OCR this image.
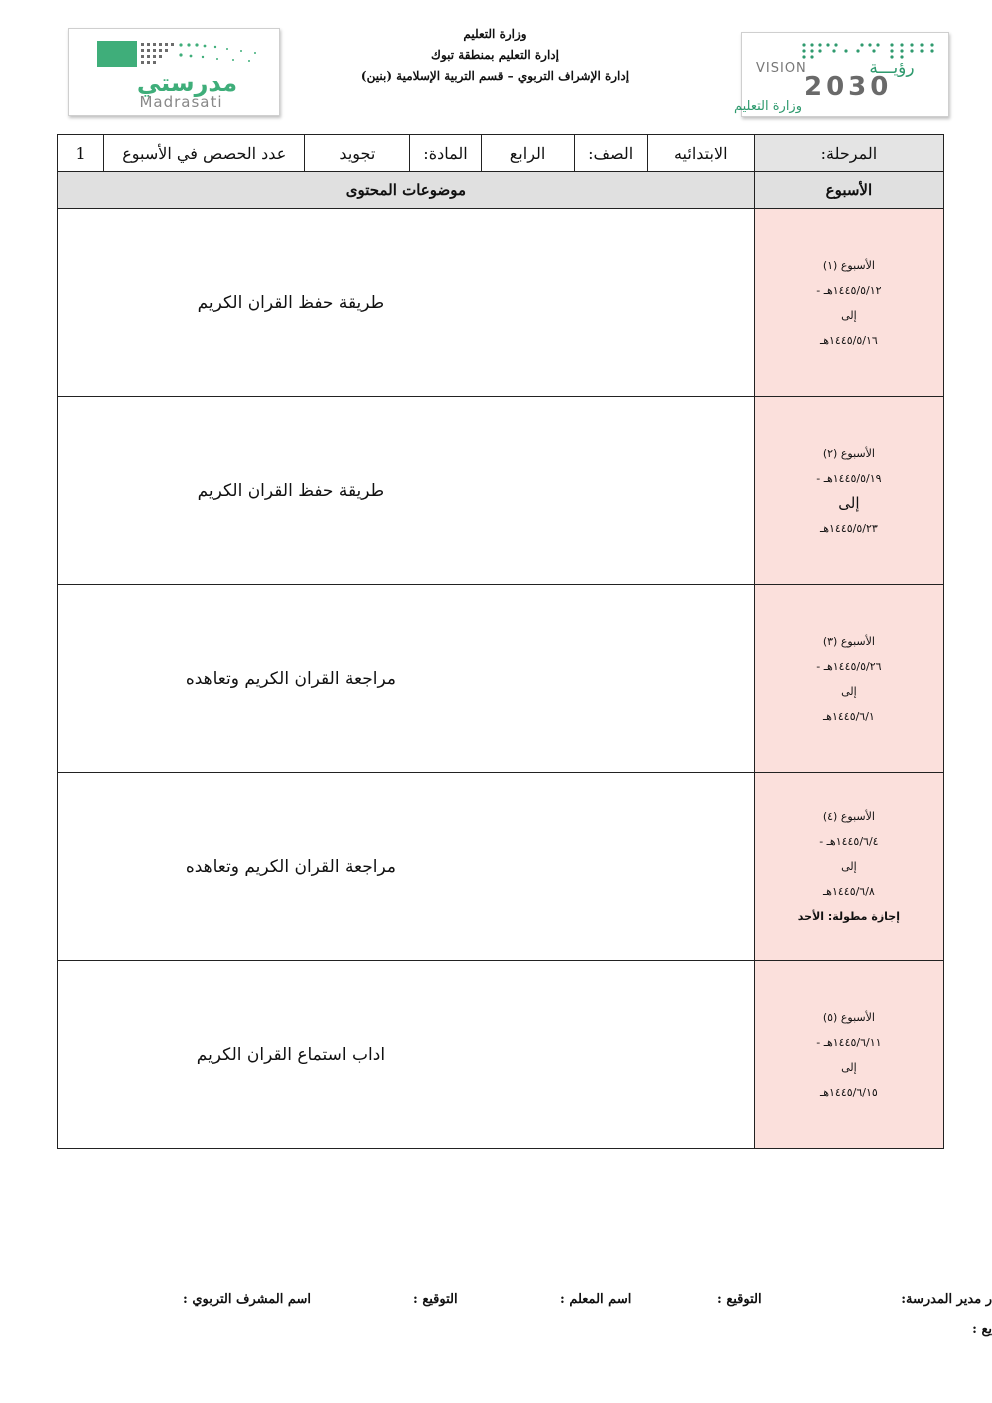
مدرستي
Madrasati
وزارة التعليم
إدارة التعليم بمنطقة تبوك
إدارة الإشراف التربوي – قسم التربية الإسلامية (بنين)	VISION	رؤيـــة
2030
وزارة التعليم
المرحلة:	الابتدائيه	الصف:	الرابع	المادة:	تجويد	عدد الحصص في الأسبوع	1
الأسبوع	موضوعات المحتوى						

الأسبوع (١)
١٤٤٥/٥/١٢هـ -
إلى
١٤٤٥/٥/١٦هـ	طريقة حفظ القران الكريم						

الأسبوع (٢)
١٤٤٥/٥/١٩هـ -
إلى
١٤٤٥/٥/٢٣هـ	طريقة حفظ القران الكريم						

الأسبوع (٣)
١٤٤٥/٥/٢٦هـ -
إلى
١٤٤٥/٦/١هـ	مراجعة القران الكريم وتعاهده						

الأسبوع (٤)
١٤٤٥/٦/٤هـ -
إلى
١٤٤٥/٦/٨هـ
إجازة مطولة: الأحد	مراجعة القران الكريم وتعاهده						

الأسبوع (٥)
١٤٤٥/٦/١١هـ -
إلى
١٤٤٥/٦/١٥هـ	اداب استماع القران الكريم						
ر مدير المدرسة:
التوقيع :
اسم المعلم :
التوقيع :
اسم المشرف التربوي :
يع :
